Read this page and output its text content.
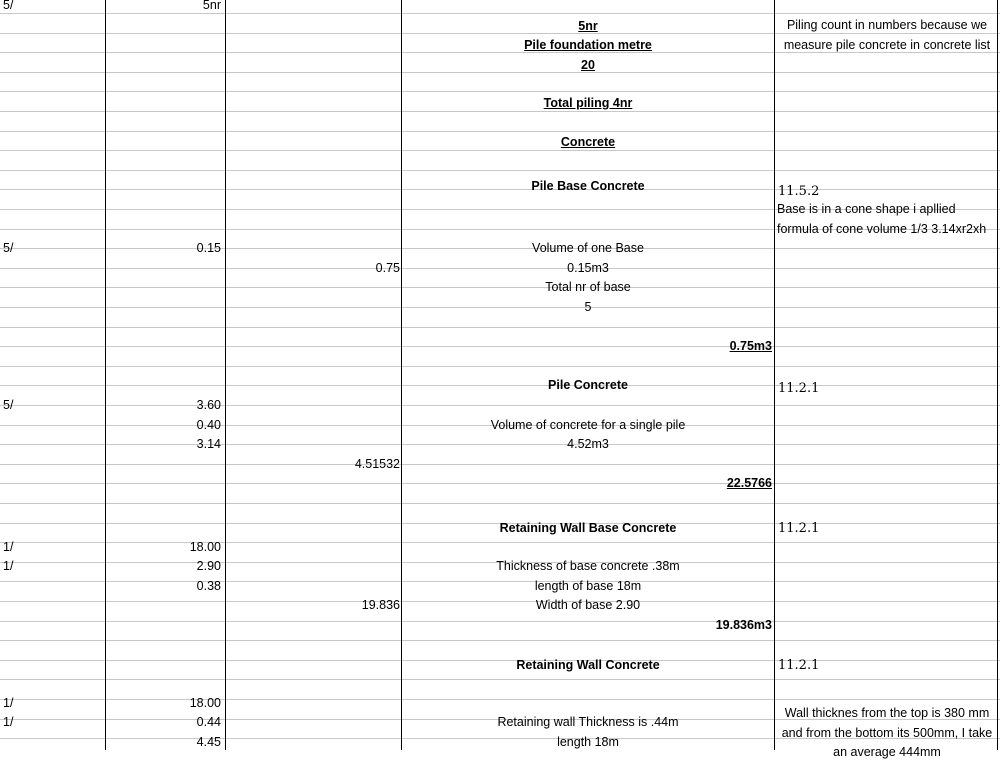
5/
5/
5/
1/
1/
1/
1/
5nr
0.15
3.60
0.40
3.14
18.00
2.90
0.38
18.00
0.44
4.45
0.75
4.51532
19.836
5nr
Pile foundation metre
20
Total piling 4nr
Concrete
Pile Base Concrete
Volume of one Base
0.15m3
Total nr of base
5
0.75m3
Pile Concrete
Volume of concrete for a single pile
4.52m3
22.5766
Retaining Wall Base Concrete
Thickness of base concrete .38m
length of base 18m
Width of base 2.90
19.836m3
Retaining Wall Concrete
Retaining wall Thickness is .44m
length 18m
Piling count in numbers because we measure pile concrete in concrete list
11.5.2
Base is in a cone shape i apllied formula of cone volume 1/3 3.14xr2xh
11.2.1
11.2.1
11.2.1
Wall thicknes from the top is 380 mm and from the bottom its 500mm, I take an average 444mm
